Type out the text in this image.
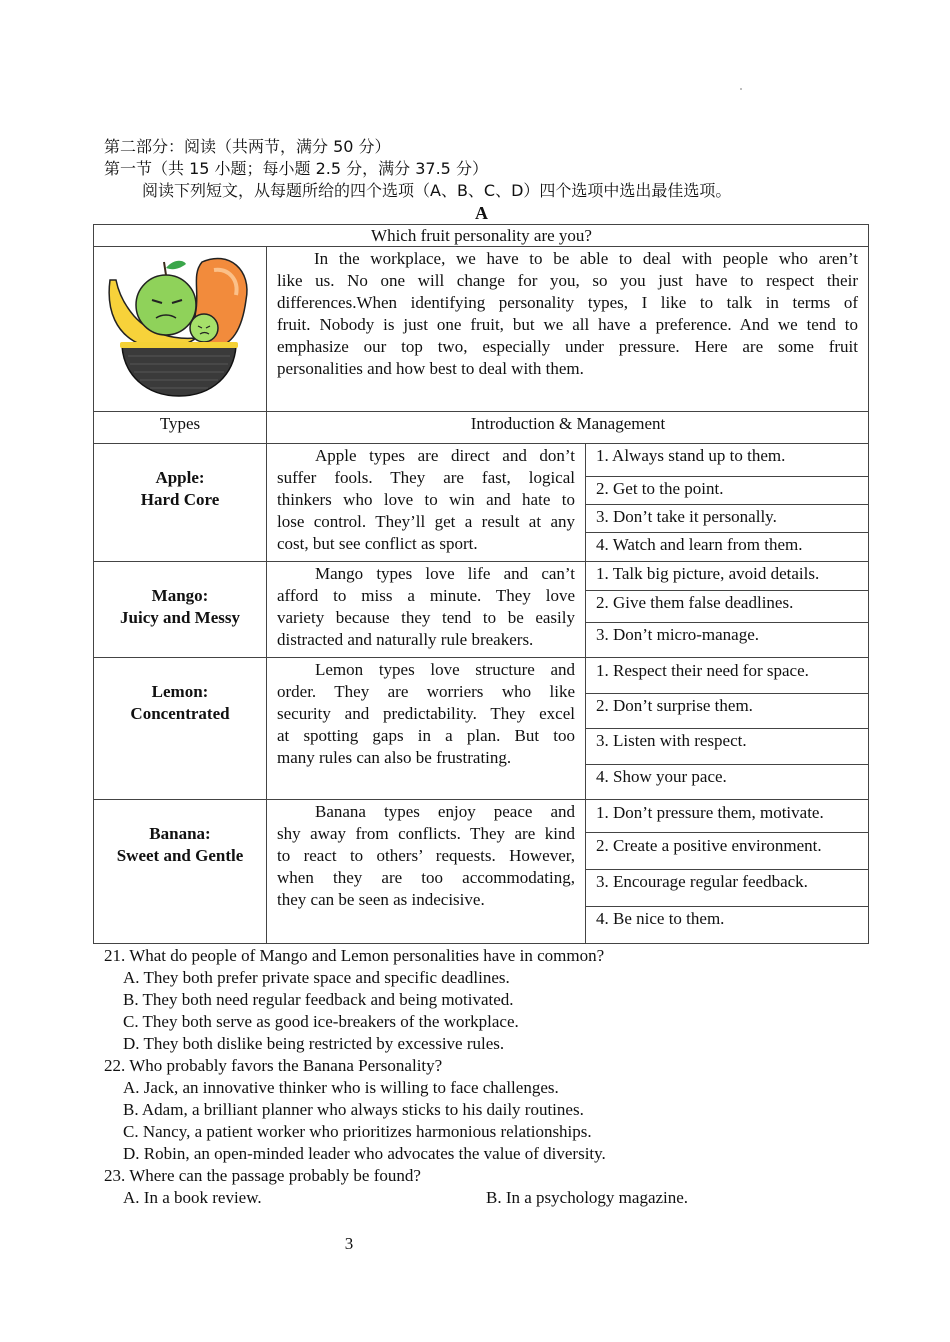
第二部分：阅读（共两节，满分 50 分）
第一节（共 15 小题；每小题 2.5 分，满分 37.5 分）
阅读下列短文，从每题所给的四个选项（A、B、C、D）四个选项中选出最佳选项。
A
Which fruit personality are you?
In the workplace, we have to be able to deal with people who aren’t
like us. No one will change for you, so you just have to respect their
differences.When identifying personality types, I like to talk in terms of
fruit. Nobody is just one fruit, but we all have a preference. And we tend to
emphasize our top two, especially under pressure. Here are some fruit
personalities and how best to deal with them.
Types	Introduction & Management
Apple:
Hard Core
Apple types are direct and don’t
suffer fools. They are fast, logical
thinkers who love to win and hate to
lose control. They’ll get a result at any
cost, but see conflict as sport.
1. Always stand up to them.
2. Get to the point.
3. Don’t take it personally.
4. Watch and learn from them.
Mango:
Juicy and Messy
Mango types love life and can’t
afford to miss a minute. They love
variety because they tend to be easily
distracted and naturally rule breakers.
1. Talk big picture, avoid details.
2. Give them false deadlines.
3. Don’t micro-manage.
Lemon:
Concentrated
Lemon types love structure and
order. They are worriers who like
security and predictability. They excel
at spotting gaps in a plan. But too
many rules can also be frustrating.
1. Respect their need for space.
2. Don’t surprise them.
3. Listen with respect.
4. Show your pace.
Banana:
Sweet and Gentle
Banana types enjoy peace and
shy away from conflicts. They are kind
to react to others’ requests. However,
when they are too accommodating,
they can be seen as indecisive.
1. Don’t pressure them, motivate.
2. Create a positive environment.
3. Encourage regular feedback.
4. Be nice to them.
21. What do people of Mango and Lemon personalities have in common?
A. They both prefer private space and specific deadlines.
B. They both need regular feedback and being motivated.
C. They both serve as good ice-breakers of the workplace.
D. They both dislike being restricted by excessive rules.
22. Who probably favors the Banana Personality?
A. Jack, an innovative thinker who is willing to face challenges.
B. Adam, a brilliant planner who always sticks to his daily routines.
C. Nancy, a patient worker who prioritizes harmonious relationships.
D. Robin, an open-minded leader who advocates the value of diversity.
23. Where can the passage probably be found?
A. In a book review.	B. In a psychology magazine.
3
